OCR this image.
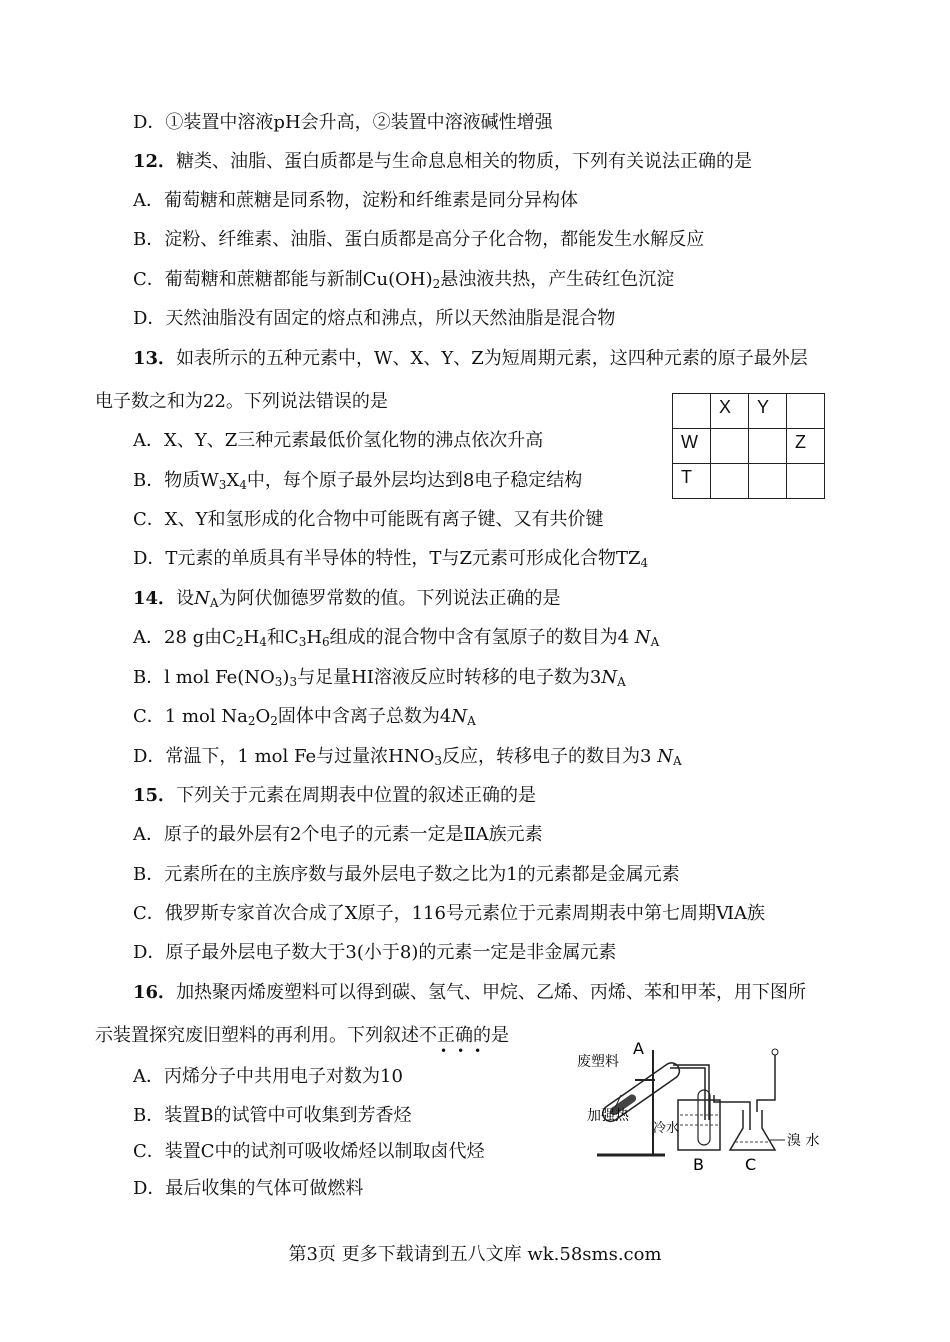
D．①装置中溶液pH会升高，②装置中溶液碱性增强
12．糖类、油脂、蛋白质都是与生命息息相关的物质，下列有关说法正确的是
A．葡萄糖和蔗糖是同系物，淀粉和纤维素是同分异构体
B．淀粉、纤维素、油脂、蛋白质都是高分子化合物，都能发生水解反应
C．葡萄糖和蔗糖都能与新制$Cu(OH)_2$悬浊液共热，产生砖红色沉淀
D．天然油脂没有固定的熔点和沸点，所以天然油脂是混合物
13．如表所示的五种元素中，W、X、Y、Z为短周期元素，这四种元素的原子最外层
电子数之和为22。下列说法错误的是
A．X、Y、Z三种元素最低价氢化物的沸点依次升高
B．物质$W_3X_4$中，每个原子最外层均达到8电子稳定结构
C．X、Y和氢形成的化合物中可能既有离子键、又有共价键
D．T元素的单质具有半导体的特性，T与Z元素可形成化合物$TZ_4$
	X	Y	
W			Z
T			
14．设$N_A$为阿伏伽德罗常数的值。下列说法正确的是
A．28 g由$C_2H_4$和$C_3H_6$组成的混合物中含有氢原子的数目为4 $N_A$
B．l mol $Fe(NO_3)_3$与足量HI溶液反应时转移的电子数为$3N_A$
C．1 mol $Na_2O_2$固体中含离子总数为$4N_A$
D．常温下，1 mol Fe与过量浓$HNO_3$反应，转移电子的数目为3 $N_A$
15．下列关于元素在周期表中位置的叙述正确的是
A．原子的最外层有2个电子的元素一定是ⅡA族元素
B．元素所在的主族序数与最外层电子数之比为1的元素都是金属元素
C．俄罗斯专家首次合成了X原子，116号元素位于元素周期表中第七周期ⅥA族
D．原子最外层电子数大于3(小于8)的元素一定是非金属元素
16．加热聚丙烯废塑料可以得到碳、氢气、甲烷、乙烯、丙烯、苯和甲苯，用下图所
示装置探究废旧塑料的再利用。下列叙述不正确的是
•••
A．丙烯分子中共用电子对数为10
B．装置B的试管中可收集到芳香烃
C．装置C中的试剂可吸收烯烃以制取卤代烃
D．最后收集的气体可做燃料
A
废塑料
加强热
冷水
B	C
溴 水
第3页 更多下载请到五八文库 wk.58sms.com
